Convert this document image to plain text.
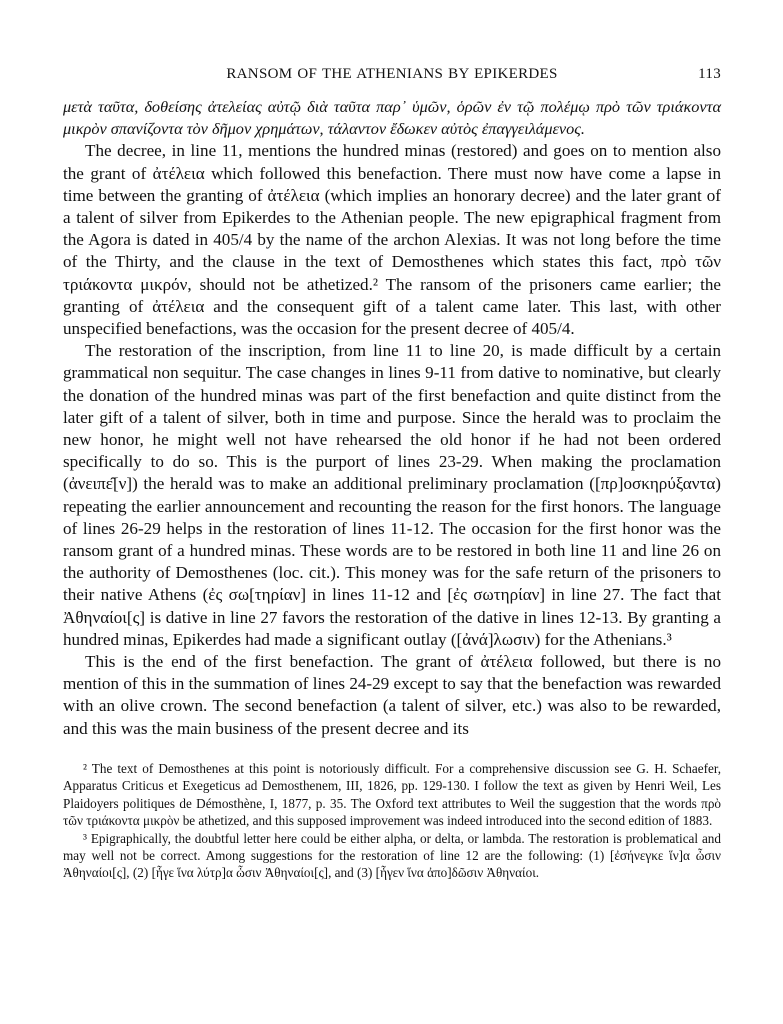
RANSOM OF THE ATHENIANS BY EPIKERDES	113

μετὰ ταῦτα, δοθείσης ἀτελείας αὐτῷ διὰ ταῦτα παρ᾽ ὑμῶν, ὁρῶν ἐν τῷ πολέμῳ πρὸ τῶν τριάκοντα μικρὸν σπανίζοντα τὸν δῆμον χρημάτων, τάλαντον ἔδωκεν αὐτὸς ἐπαγγειλάμενος.

The decree, in line 11, mentions the hundred minas (restored) and goes on to mention also the grant of ἀτέλεια which followed this benefaction. There must now have come a lapse in time between the granting of ἀτέλεια (which implies an honorary decree) and the later grant of a talent of silver from Epikerdes to the Athenian people. The new epigraphical fragment from the Agora is dated in 405/4 by the name of the archon Alexias. It was not long before the time of the Thirty, and the clause in the text of Demosthenes which states this fact, πρὸ τῶν τριάκοντα μικρόν, should not be athetized.² The ransom of the prisoners came earlier; the granting of ἀτέλεια and the consequent gift of a talent came later. This last, with other unspecified benefactions, was the occasion for the present decree of 405/4.

The restoration of the inscription, from line 11 to line 20, is made difficult by a certain grammatical non sequitur. The case changes in lines 9-11 from dative to nominative, but clearly the donation of the hundred minas was part of the first benefaction and quite distinct from the later gift of a talent of silver, both in time and purpose. Since the herald was to proclaim the new honor, he might well not have rehearsed the old honor if he had not been ordered specifically to do so. This is the purport of lines 23-29. When making the proclamation (ἀνειπε̑[ν]) the herald was to make an additional preliminary proclamation ([πρ]οσκηρύξαντα) repeating the earlier announcement and recounting the reason for the first honors. The language of lines 26-29 helps in the restoration of lines 11-12. The occasion for the first honor was the ransom grant of a hundred minas. These words are to be restored in both line 11 and line 26 on the authority of Demosthenes (loc. cit.). This money was for the safe return of the prisoners to their native Athens (ἐς σω[τηρίαν] in lines 11-12 and [ἐς σωτηρίαν] in line 27. The fact that Ἀθηναίοι[ς] is dative in line 27 favors the restoration of the dative in lines 12-13. By granting a hundred minas, Epikerdes had made a significant outlay ([ἀνά]λωσιν) for the Athenians.³

This is the end of the first benefaction. The grant of ἀτέλεια followed, but there is no mention of this in the summation of lines 24-29 except to say that the benefaction was rewarded with an olive crown. The second benefaction (a talent of silver, etc.) was also to be rewarded, and this was the main business of the present decree and its

² The text of Demosthenes at this point is notoriously difficult. For a comprehensive discussion see G. H. Schaefer, Apparatus Criticus et Exegeticus ad Demosthenem, III, 1826, pp. 129-130. I follow the text as given by Henri Weil, Les Plaidoyers politiques de Démosthène, I, 1877, p. 35. The Oxford text attributes to Weil the suggestion that the words πρὸ τῶν τριάκοντα μικρὸν be athetized, and this supposed improvement was indeed introduced into the second edition of 1883.

³ Epigraphically, the doubtful letter here could be either alpha, or delta, or lambda. The restoration is problematical and may well not be correct. Among suggestions for the restoration of line 12 are the following: (1) [ἐσήνεγκε ἵν]α ὦσιν Ἀθηναίοι[ς], (2) [ἦγε ἵνα λύτρ]α ὦσιν Ἀθηναίοι[ς], and (3) [ἦγεν ἵνα ἀπο]δῶσιν Ἀθηναίοι.
